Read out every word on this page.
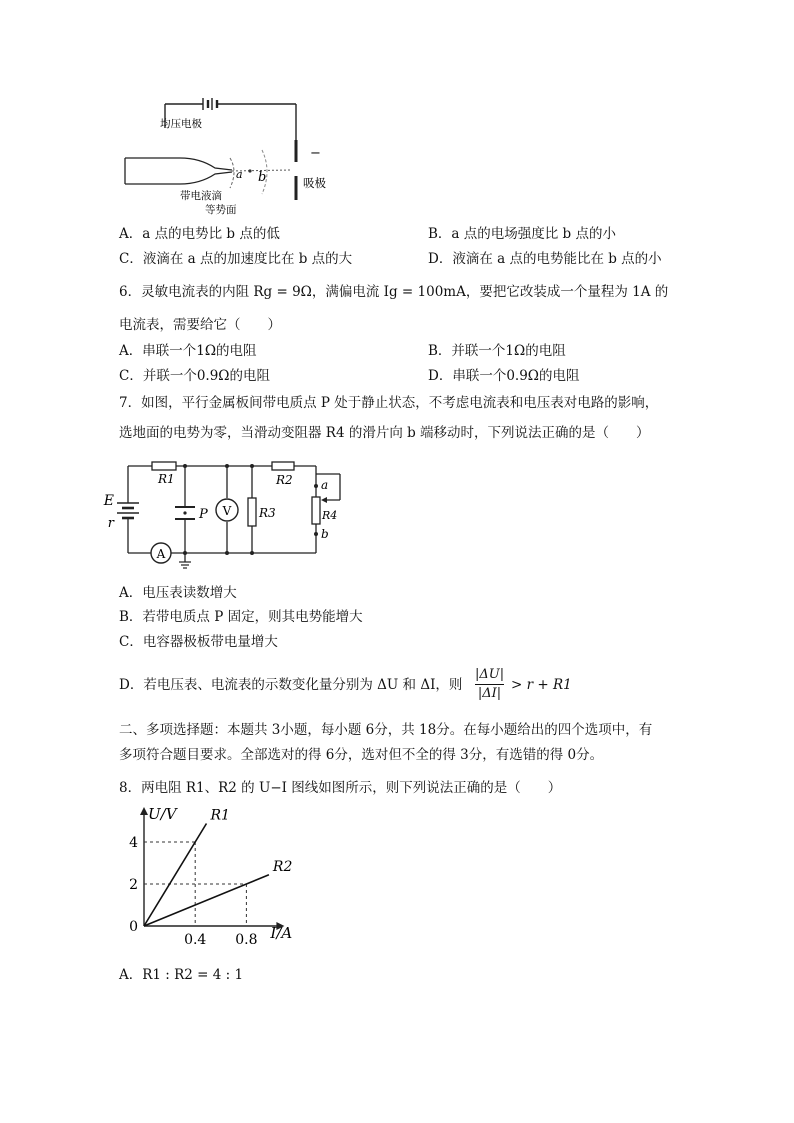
均压电极
带电液滴
等势面
吸极
a b
−
A．a 点的电势比 b 点的低	B．a 点的电场强度比 b 点的小
C．液滴在 a 点的加速度比在 b 点的大	D．液滴在 a 点的电势能比在 b 点的小
6．灵敏电流表的内阻 Rg = 9Ω，满偏电流 Ig = 100mA，要把它改装成一个量程为 1A 的
电流表，需要给它（　　）
A．串联一个1Ω的电阻	B．并联一个1Ω的电阻
C．并联一个0.9Ω的电阻	D．串联一个0.9Ω的电阻
7．如图，平行金属板间带电质点 P 处于静止状态，不考虑电流表和电压表对电路的影响，
选地面的电势为零，当滑动变阻器 R4 的滑片向 b 端移动时，下列说法正确的是（　　）
E
r
R1	R2
R3	R4
P V
A
a
b
A．电压表读数增大
B．若带电质点 P 固定，则其电势能增大
C．电容器极板带电量增大
D．若电压表、电流表的示数变化量分别为 ΔU 和 ΔI，则
|ΔU|
|ΔI|
> r + R1
二、多项选择题：本题共 3小题，每小题 6分，共 18分。在每小题给出的四个选项中，有
多项符合题目要求。全部选对的得 6分，选对但不全的得 3分，有选错的得 0分。
8．两电阻 R1、R2 的 U−I 图线如图所示，则下列说法正确的是（　　）
R1
R2
0.4 0.8
0
2
4
U/V
I/A
A．R1 : R2 = 4 : 1
